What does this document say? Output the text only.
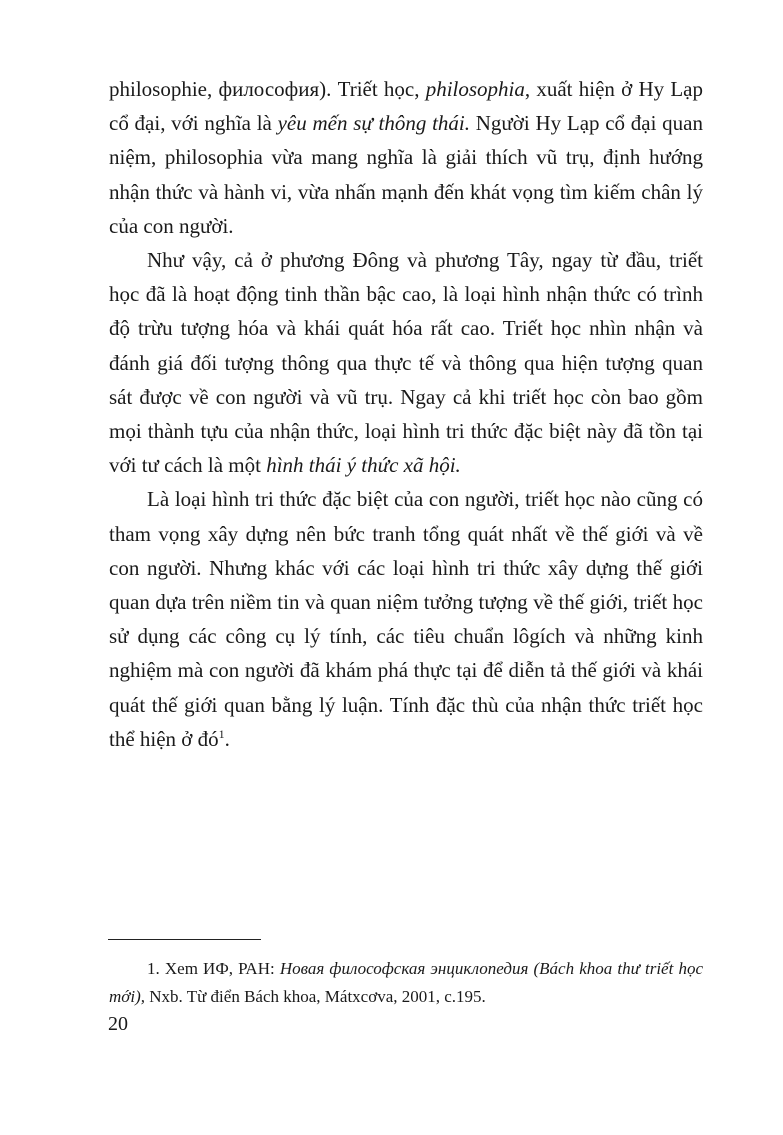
philosophie, философия). Triết học, philosophia, xuất hiện ở Hy Lạp cổ đại, với nghĩa là yêu mến sự thông thái. Người Hy Lạp cổ đại quan niệm, philosophia vừa mang nghĩa là giải thích vũ trụ, định hướng nhận thức và hành vi, vừa nhấn mạnh đến khát vọng tìm kiếm chân lý của con người.

Như vậy, cả ở phương Đông và phương Tây, ngay từ đầu, triết học đã là hoạt động tinh thần bậc cao, là loại hình nhận thức có trình độ trừu tượng hóa và khái quát hóa rất cao. Triết học nhìn nhận và đánh giá đối tượng thông qua thực tế và thông qua hiện tượng quan sát được về con người và vũ trụ. Ngay cả khi triết học còn bao gồm mọi thành tựu của nhận thức, loại hình tri thức đặc biệt này đã tồn tại với tư cách là một hình thái ý thức xã hội.

Là loại hình tri thức đặc biệt của con người, triết học nào cũng có tham vọng xây dựng nên bức tranh tổng quát nhất về thế giới và về con người. Nhưng khác với các loại hình tri thức xây dựng thế giới quan dựa trên niềm tin và quan niệm tưởng tượng về thế giới, triết học sử dụng các công cụ lý tính, các tiêu chuẩn lôgích và những kinh nghiệm mà con người đã khám phá thực tại để diễn tả thế giới và khái quát thế giới quan bằng lý luận. Tính đặc thù của nhận thức triết học thể hiện ở $đó^1$.

1. Xem ИФ, РАН: Новая философская энциклопедия (Bách khoa thư triết học mới), Nxb. Từ điển Bách khoa, Mátxcơva, 2001, c.195.
20
